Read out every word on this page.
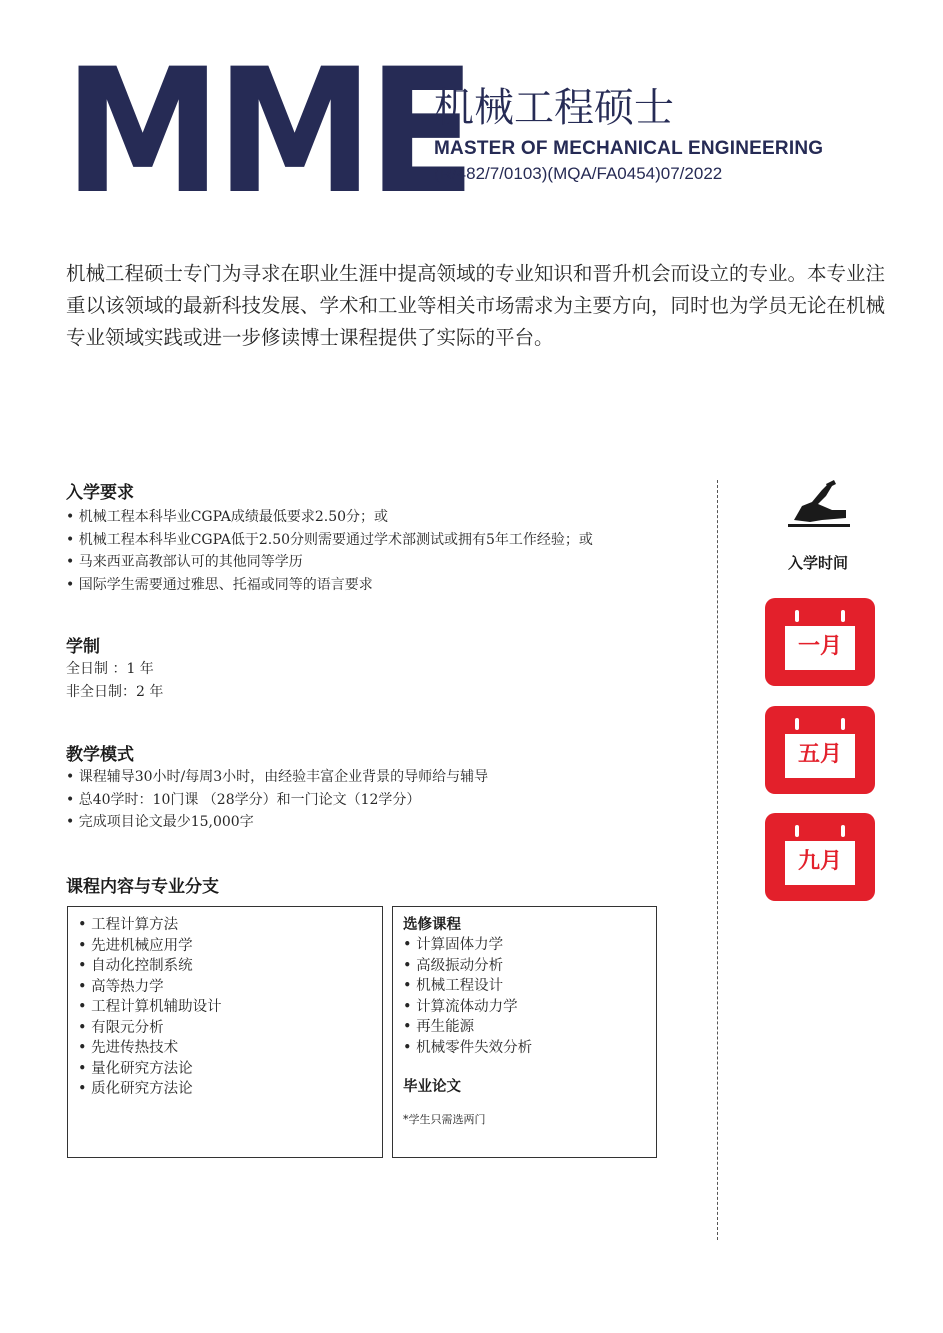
MME
机械工程硕士
MASTER OF MECHANICAL ENGINEERING
(R/482/7/0103)(MQA/FA0454)07/2022
机械工程硕士专门为寻求在职业生涯中提高领域的专业知识和晋升机会而设立的专业。本专业注重以该领域的最新科技发展、学术和工业等相关市场需求为主要方向，同时也为学员无论在机械专业领域实践或进一步修读博士课程提供了实际的平台。
入学要求
• 机械工程本科毕业CGPA成绩最低要求2.50分；或
• 机械工程本科毕业CGPA低于2.50分则需要通过学术部测试或拥有5年工作经验；或
• 马来西亚高教部认可的其他同等学历
• 国际学生需要通过雅思、托福或同等的语言要求
学制
全日制 ：1 年
非全日制：2 年
教学模式
• 课程辅导30小时/每周3小时，由经验丰富企业背景的导师给与辅导
• 总40学时：10门课 （28学分）和一门论文（12学分）
• 完成项目论文最少15,000字
课程内容与专业分支
• 工程计算方法
• 先进机械应用学
• 自动化控制系统
• 高等热力学
• 工程计算机辅助设计
• 有限元分析
• 先进传热技术
• 量化研究方法论
• 质化研究方法论
选修课程
• 计算固体力学
• 高级振动分析
• 机械工程设计
• 计算流体动力学
• 再生能源
• 机械零件失效分析
毕业论文
*学生只需选两门
入学时间
一月
五月
九月
